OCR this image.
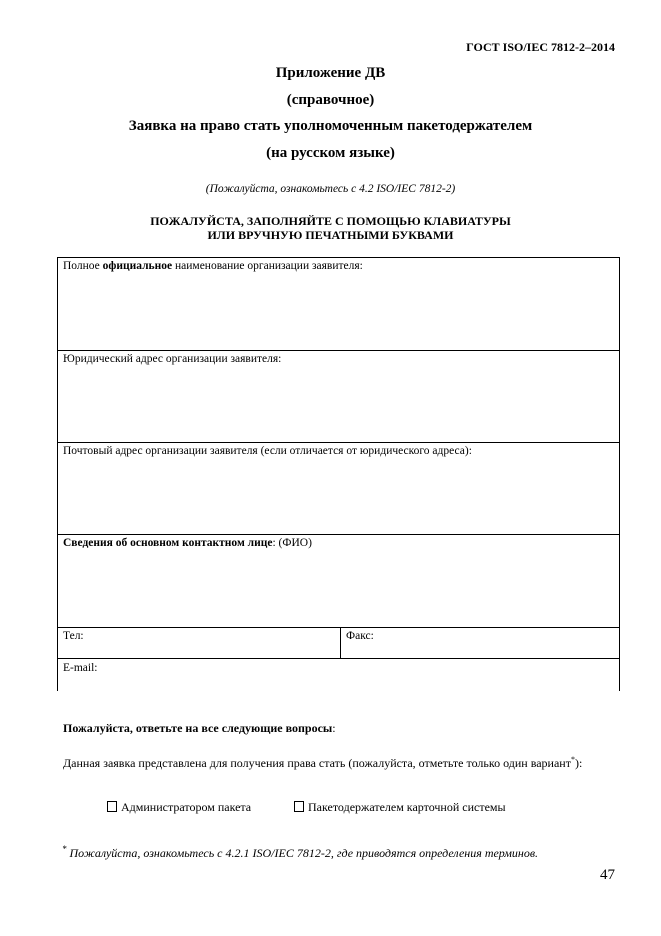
ГОСТ ISO/IEC 7812-2–2014
Приложение ДВ
(справочное)
Заявка на право стать уполномоченным пакетодержателем
(на русском языке)
(Пожалуйста, ознакомьтесь с 4.2 ISO/IEC 7812-2)
ПОЖАЛУЙСТА, ЗАПОЛНЯЙТЕ С ПОМОЩЬЮ КЛАВИАТУРЫ
ИЛИ ВРУЧНУЮ ПЕЧАТНЫМИ БУКВАМИ
Полное официальное наименование организации заявителя:
Юридический адрес организации заявителя:
Почтовый адрес организации заявителя (если отличается от юридического адреса):
Сведения об основном контактном лице: (ФИО)
Тел:	Факс:
E-mail:
Пожалуйста, ответьте на все следующие вопросы:
Данная заявка представлена для получения права стать (пожалуйста, отметьте только один вариант*):
Администратором пакета	Пакетодержателем карточной системы
* Пожалуйста, ознакомьтесь с 4.2.1 ISO/IEC 7812-2, где приводятся определения терминов.
47
